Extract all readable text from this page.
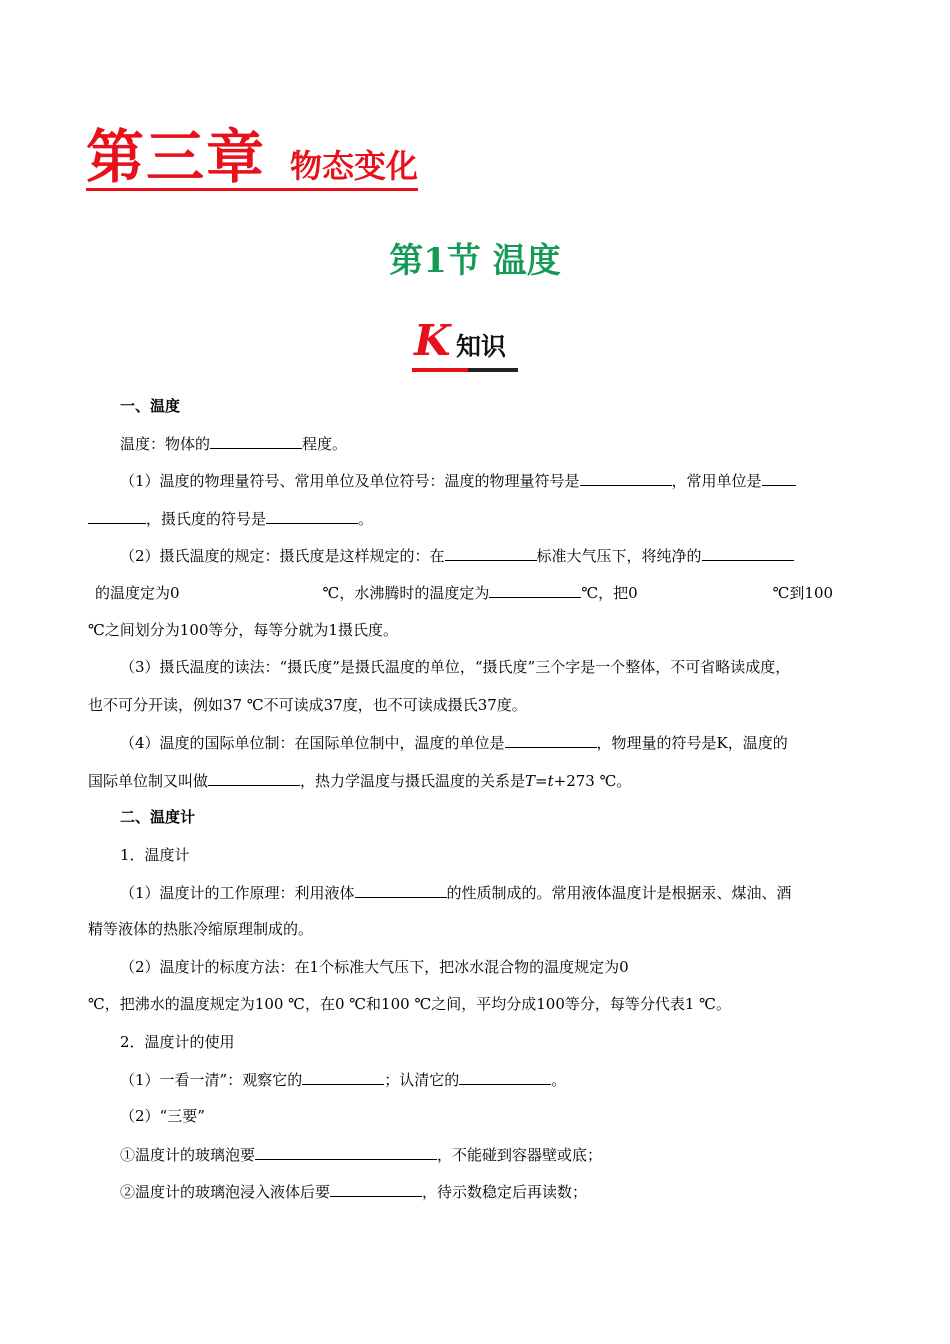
第三章 物态变化
第1节 温度
K 知识
一、温度
温度：物体的	程度。
（1）温度的物理量符号、常用单位及单位符号：温度的物理量符号是	，常用单位是
，摄氏度的符号是	。
（2）摄氏温度的规定：摄氏度是这样规定的：在	标准大气压下，将纯净的
的温度定为0	℃，水沸腾时的温度定为	℃，把0	℃到100
℃之间划分为100等分，每等分就为1摄氏度。
（3）摄氏温度的读法：“摄氏度”是摄氏温度的单位，“摄氏度”三个字是一个整体，不可省略读成度，
也不可分开读，例如37 ℃不可读成37度，也不可读成摄氏37度。
（4）温度的国际单位制：在国际单位制中，温度的单位是	，物理量的符号是K，温度的
国际单位制又叫做	，热力学温度与摄氏温度的关系是T=t+273 ℃。
二、温度计
1．温度计
（1）温度计的工作原理：利用液体	的性质制成的。常用液体温度计是根据汞、煤油、酒
精等液体的热胀冷缩原理制成的。
（2）温度计的标度方法：在1个标准大气压下，把冰水混合物的温度规定为0
℃，把沸水的温度规定为100 ℃，在0 ℃和100 ℃之间，平均分成100等分，每等分代表1 ℃。
2．温度计的使用
（1）一看一清”：观察它的	；认清它的	。
（2）“三要”
①温度计的玻璃泡要	，不能碰到容器壁或底；
②温度计的玻璃泡浸入液体后要	，待示数稳定后再读数；
